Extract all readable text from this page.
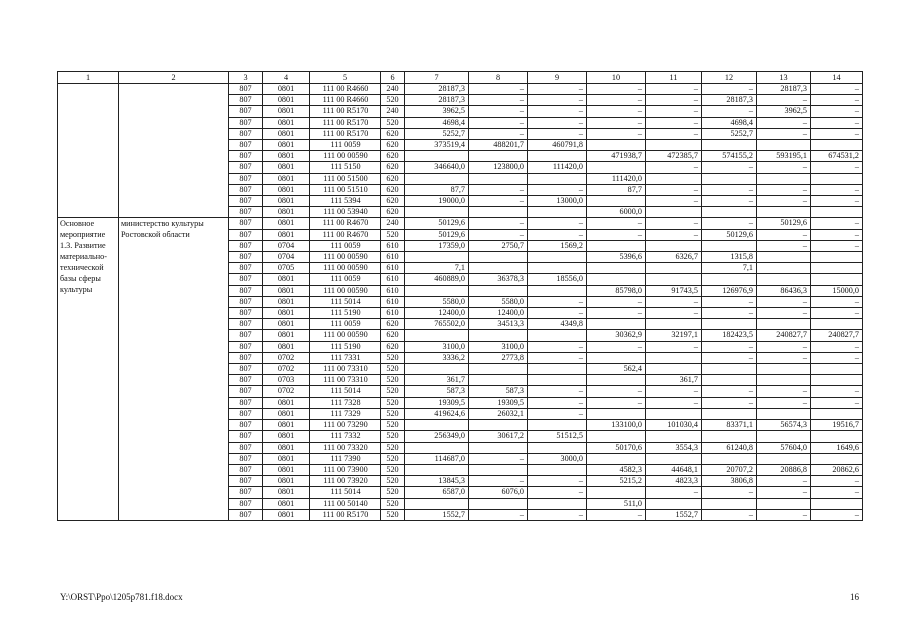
1	2	3	4	5	6	7	8	9	10	11	12	13	14
		807	0801	111 00 R4660	240	28187,3	–	–	–	–	–	28187,3	–
		807	0801	111 00 R4660	520	28187,3	–	–	–	–	28187,3	–	–
		807	0801	111 00 R5170	240	3962,5	–	–	–	–	–	3962,5	–
		807	0801	111 00 R5170	520	4698,4	–	–	–	–	4698,4	–	–
		807	0801	111 00 R5170	620	5252,7	–	–	–	–	5252,7	–	–
		807	0801	111 0059	620	373519,4	488201,7	460791,8					
		807	0801	111 00 00590	620				471938,7	472385,7	574155,2	593195,1	674531,2
		807	0801	111 5150	620	346640,0	123800,0	111420,0		–	–	–	–
		807	0801	111 00 51500	620				111420,0				
		807	0801	111 00 51510	620	87,7	–	–	87,7	–	–	–	–
		807	0801	111 5394	620	19000,0	–	13000,0		–	–	–	–
		807	0801	111 00 53940	620				6000,0				
Основное мероприятие 1.3. Развитие материально-технической базы сферы культуры	министерство культуры Ростовской области	807	0801	111 00 R4670	240	50129,6	–	–	–	–	–	50129,6	–
		807	0801	111 00 R4670	520	50129,6	–	–	–	–	50129,6	–	–
		807	0704	111 0059	610	17359,0	2750,7	1569,2				–	–
		807	0704	111 00 00590	610				5396,6	6326,7	1315,8		
		807	0705	111 00 00590	610	7,1					7,1		
		807	0801	111 0059	610	460889,0	36378,3	18556,0					
		807	0801	111 00 00590	610				85798,0	91743,5	126976,9	86436,3	15000,0
		807	0801	111 5014	610	5580,0	5580,0	–	–	–	–	–	–
		807	0801	111 5190	610	12400,0	12400,0	–	–	–	–	–	–
		807	0801	111 0059	620	765502,0	34513,3	4349,8					
		807	0801	111 00 00590	620				30362,9	32197,1	182423,5	240827,7	240827,7
		807	0801	111 5190	620	3100,0	3100,0	–	–	–	–	–	–
		807	0702	111 7331	520	3336,2	2773,8	–			–	–	–
		807	0702	111 00 73310	520				562,4				
		807	0703	111 00 73310	520	361,7				361,7			
		807	0702	111 5014	520	587,3	587,3	–	–	–	–	–	–
		807	0801	111 7328	520	19309,5	19309,5	–	–	–	–	–	–
		807	0801	111 7329	520	419624,6	26032,1	–					
		807	0801	111 00 73290	520				133100,0	101030,4	83371,1	56574,3	19516,7
		807	0801	111 7332	520	256349,0	30617,2	51512,5					
		807	0801	111 00 73320	520				50170,6	3554,3	61240,8	57604,0	1649,6
		807	0801	111 7390	520	114687,0	–	3000,0					
		807	0801	111 00 73900	520				4582,3	44648,1	20707,2	20886,8	20862,6
		807	0801	111 00 73920	520	13845,3	–	–	5215,2	4823,3	3806,8	–	–
		807	0801	111 5014	520	6587,0	6076,0	–		–	–	–	–
		807	0801	111 00 50140	520				511,0				
		807	0801	111 00 R5170	520	1552,7	–	–	–	1552,7	–	–	–
Y:\ORST\Ppo\1205p781.f18.docx	16
